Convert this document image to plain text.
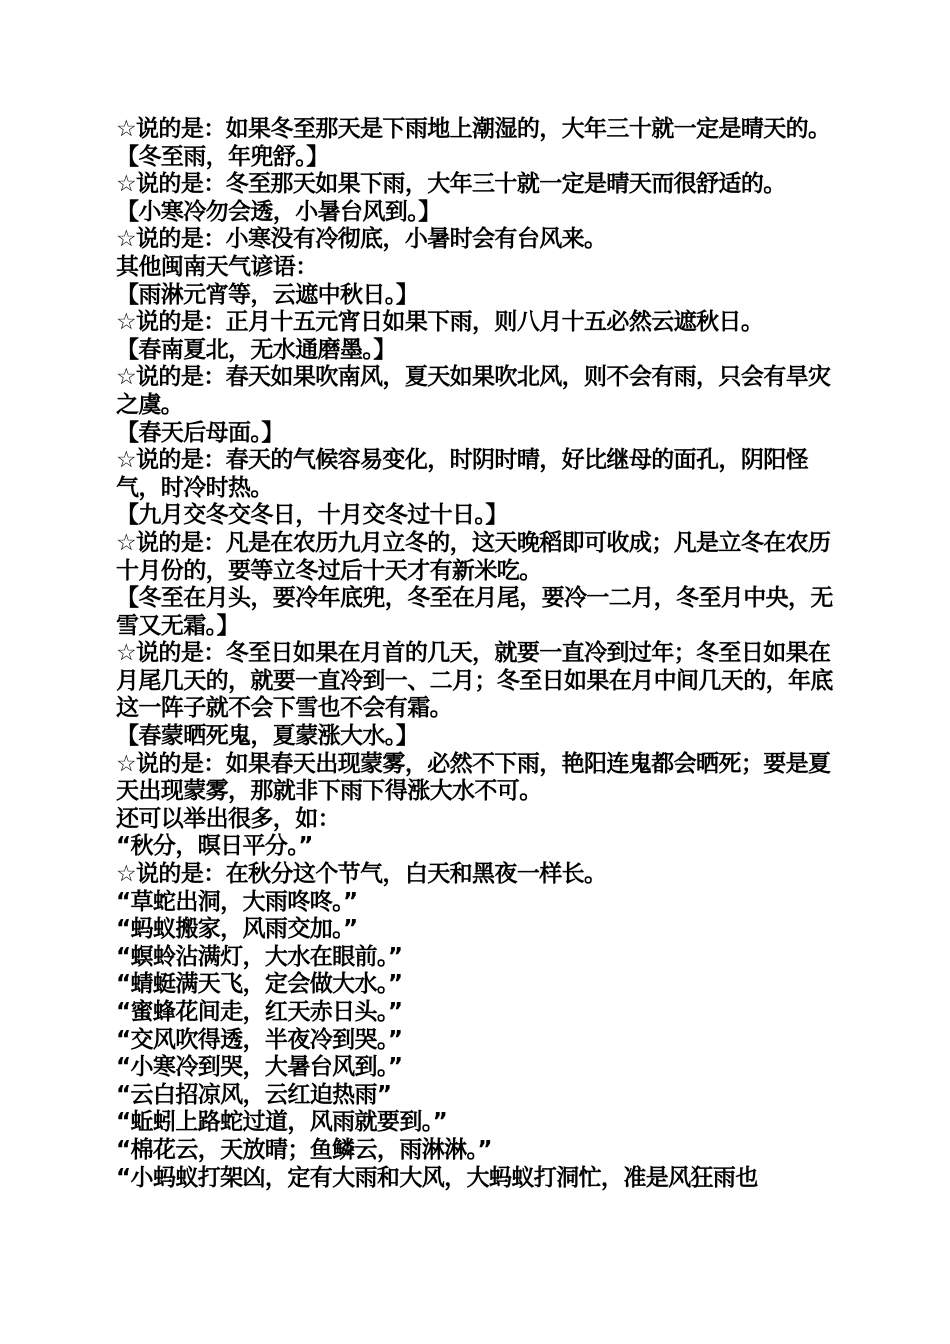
☆说的是：如果冬至那天是下雨地上潮湿的，大年三十就一定是晴天的。

【冬至雨，年兜舒。】

☆说的是：冬至那天如果下雨，大年三十就一定是晴天而很舒适的。

【小寒冷勿会透，小暑台风到。】

☆说的是：小寒没有冷彻底，小暑时会有台风来。

其他闽南天气谚语：

【雨淋元宵等，云遮中秋日。】

☆说的是：正月十五元宵日如果下雨，则八月十五必然云遮秋日。

【春南夏北，无水通磨墨。】

☆说的是：春天如果吹南风，夏天如果吹北风，则不会有雨，只会有旱灾之虞。

【春天后母面。】

☆说的是：春天的气候容易变化，时阴时晴，好比继母的面孔，阴阳怪气，时冷时热。

【九月交冬交冬日，十月交冬过十日。】

☆说的是：凡是在农历九月立冬的，这天晚稻即可收成；凡是立冬在农历十月份的，要等立冬过后十天才有新米吃。

【冬至在月头，要冷年底兜，冬至在月尾，要冷一二月，冬至月中央，无雪又无霜。】

☆说的是：冬至日如果在月首的几天，就要一直冷到过年；冬至日如果在月尾几天的，就要一直冷到一、二月；冬至日如果在月中间几天的，年底这一阵子就不会下雪也不会有霜。

【春蒙晒死鬼，夏蒙涨大水。】

☆说的是：如果春天出现蒙雾，必然不下雨，艳阳连鬼都会晒死；要是夏天出现蒙雾，那就非下雨下得涨大水不可。

还可以举出很多，如：

“秋分，暝日平分。”

☆说的是：在秋分这个节气，白天和黑夜一样长。

“草蛇出洞，大雨咚咚。”

“蚂蚁搬家，风雨交加。”

“螟蛉沾满灯，大水在眼前。”

“蜻蜓满天飞，定会做大水。”

“蜜蜂花间走，红天赤日头。”

“交风吹得透，半夜冷到哭。”

“小寒冷到哭，大暑台风到。”

“云白招凉风，云红迫热雨”

“蚯蚓上路蛇过道，风雨就要到。”

“棉花云，天放晴；鱼鳞云，雨淋淋。”

“小蚂蚁打架凶，定有大雨和大风，大蚂蚁打洞忙，准是风狂雨也
